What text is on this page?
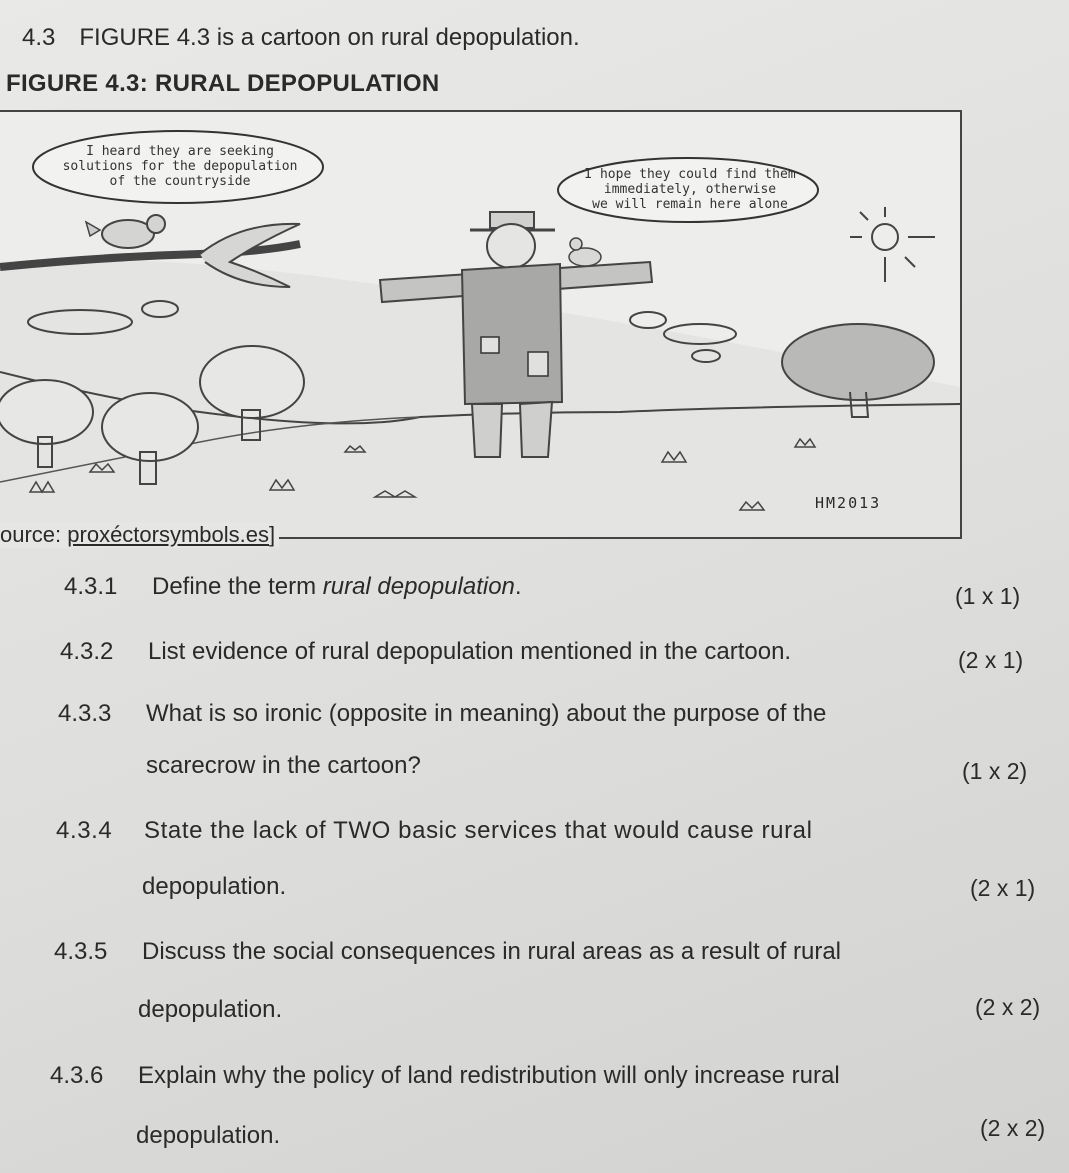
4.3 FIGURE 4.3 is a cartoon on rural depopulation.
FIGURE 4.3: RURAL DEPOPULATION
I heard they are seeking
solutions for the depopulation
of the countryside	I hope they could find them
immediately, otherwise
we will remain here alone
HM2013
ource: proxéctorsymbols.es]
4.3.1 Define the term rural depopulation.	(1 x 1)
4.3.2 List evidence of rural depopulation mentioned in the cartoon.	(2 x 1)
4.3.3 What is so ironic (opposite in meaning) about the purpose of the
scarecrow in the cartoon?	(1 x 2)
4.3.4 State the lack of TWO basic services that would cause rural
depopulation.	(2 x 1)
4.3.5 Discuss the social consequences in rural areas as a result of rural
depopulation.	(2 x 2)
4.3.6 Explain why the policy of land redistribution will only increase rural
depopulation.	(2 x 2)
